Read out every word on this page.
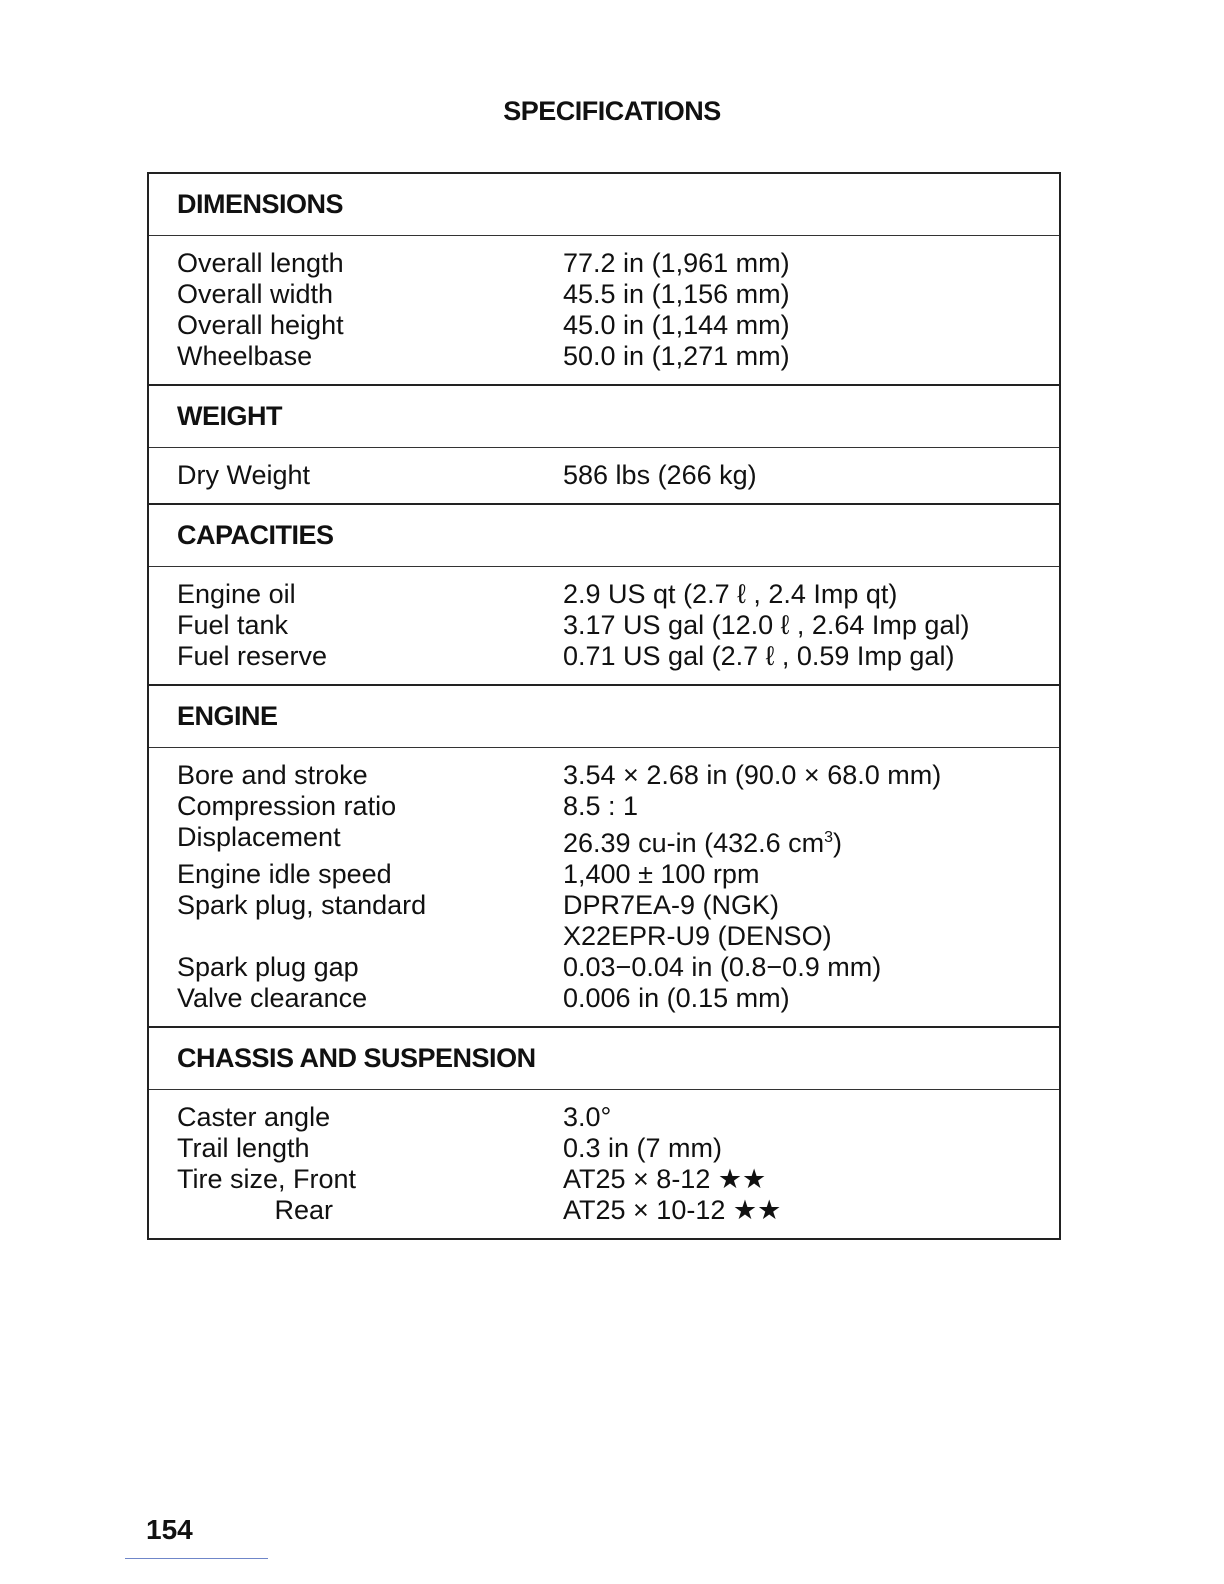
SPECIFICATIONS
DIMENSIONS
Overall length	77.2 in (1,961 mm)
Overall width	45.5 in (1,156 mm)
Overall height	45.0 in (1,144 mm)
Wheelbase	50.0 in (1,271 mm)
WEIGHT
Dry Weight	586 lbs (266 kg)
CAPACITIES
Engine oil	2.9 US qt (2.7 ℓ , 2.4 Imp qt)
Fuel tank	3.17 US gal (12.0 ℓ , 2.64 Imp gal)
Fuel reserve	0.71 US gal (2.7 ℓ , 0.59 Imp gal)
ENGINE
Bore and stroke	3.54 × 2.68 in (90.0 × 68.0 mm)
Compression ratio	8.5 : 1
Displacement	26.39 cu-in (432.6 $cm^3$)
Engine idle speed	1,400 ± 100 rpm
Spark plug, standard	DPR7EA-9 (NGK)
X22EPR-U9 (DENSO)
Spark plug gap	0.03−0.04 in (0.8−0.9 mm)
Valve clearance	0.006 in (0.15 mm)
CHASSIS AND SUSPENSION
Caster angle	3.0°
Trail length	0.3 in (7 mm)
Tire size, Front	AT25 × 8-12 ★★
Rear	AT25 × 10-12 ★★
154
